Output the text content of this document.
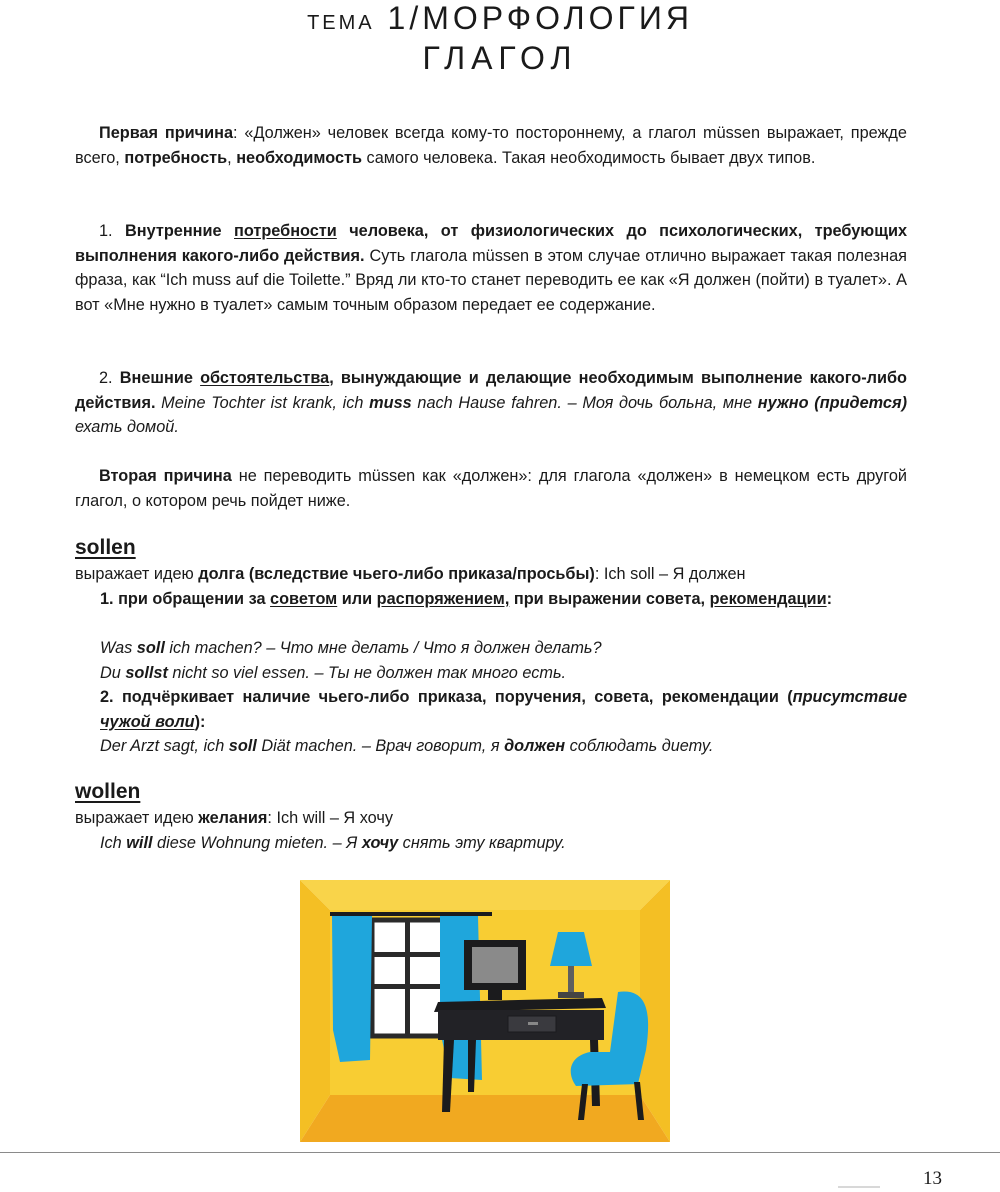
ТЕМА 1/МОРФОЛОГИЯ
ГЛАГОЛ

Первая причина: «Должен» человек всегда кому-то постороннему, а глагол müssen выражает, прежде всего, потребность, необходимость самого человека. Такая необходимость бывает двух типов.

1. Внутренние потребности человека, от физиологических до психологических, требующих выполнения какого-либо действия. Суть глагола müssen в этом случае отлично выражает такая полезная фраза, как “Ich muss auf die Toilette.” Вряд ли кто-то станет переводить ее как «Я должен (пойти) в туалет». А вот «Мне нужно в туалет» самым точным образом передает ее содержание.

2. Внешние обстоятельства, вынуждающие и делающие необходимым выполнение какого-либо действия. Meine Tochter ist krank, ich muss nach Hause fahren. – Моя дочь больна, мне нужно (придется) ехать домой.

Вторая причина не переводить müssen как «должен»: для глагола «должен» в немецком есть другой глагол, о котором речь пойдет ниже.

sollen
выражает идею долга (вследствие чьего-либо приказа/просьбы): Ich soll – Я должен
1. при обращении за советом или распоряжением, при выражении совета, рекомендации:
Was soll ich machen? – Что мне делать / Что я должен делать?
Du sollst nicht so viel essen. – Ты не должен так много есть.
2. подчёркивает наличие чьего-либо приказа, поручения, совета, рекомендации (присутствие чужой воли):
Der Arzt sagt, ich soll Diät machen. – Врач говорит, я должен соблюдать диету.
wollen
выражает идею желания: Ich will – Я хочу
Ich will diese Wohnung mieten. – Я хочу снять эту квартиру.
13
